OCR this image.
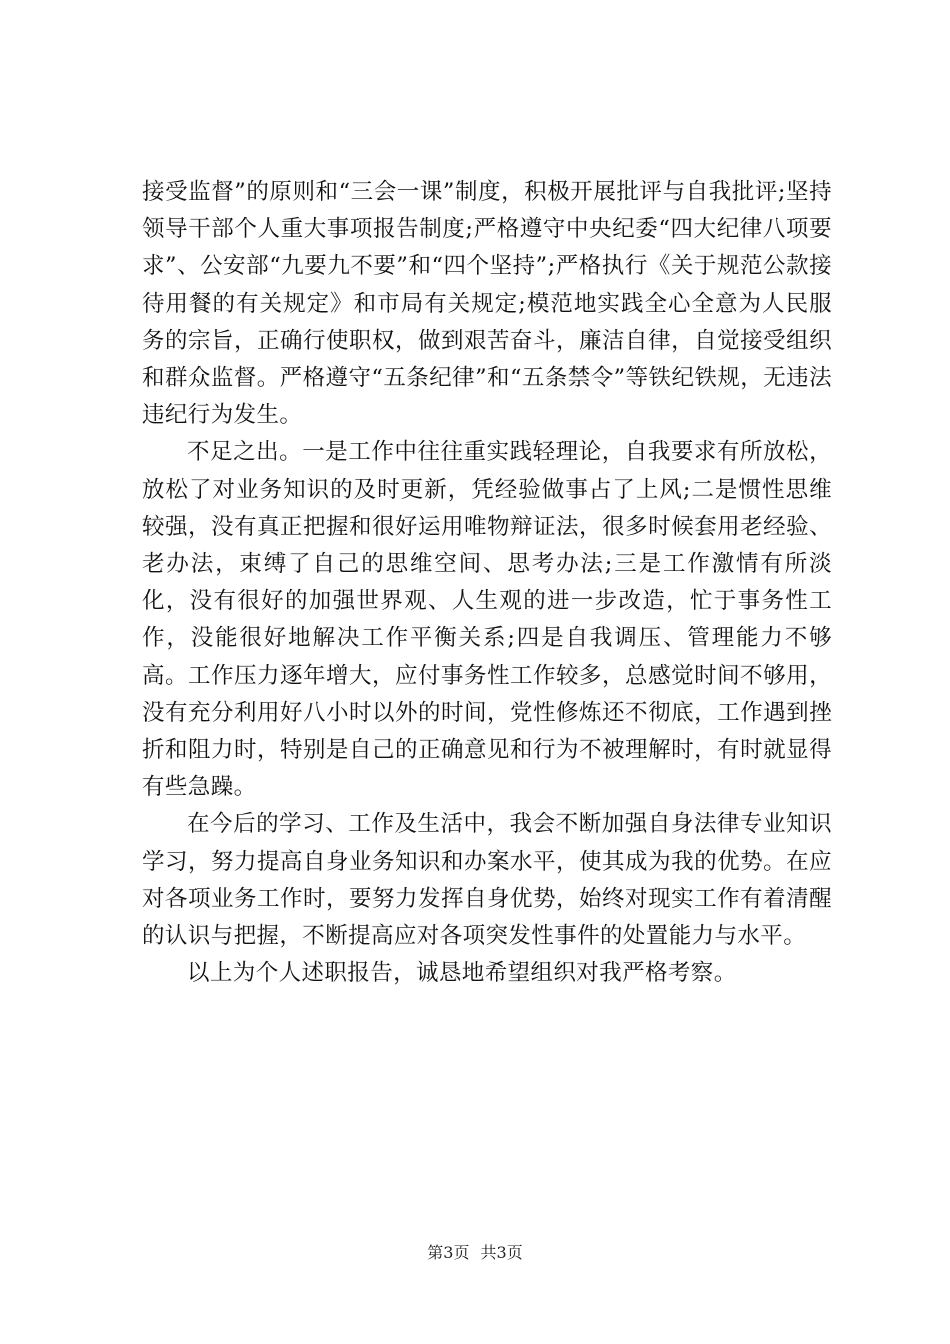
接受监督”的原则和“三会一课”制度，积极开展批评与自我批评;坚持领导干部个人重大事项报告制度;严格遵守中央纪委“四大纪律八项要求”、公安部“九要九不要”和“四个坚持”;严格执行《关于规范公款接待用餐的有关规定》和市局有关规定;模范地实践全心全意为人民服务的宗旨，正确行使职权，做到艰苦奋斗，廉洁自律，自觉接受组织和群众监督。严格遵守“五条纪律”和“五条禁令”等铁纪铁规，无违法违纪行为发生。

不足之出。一是工作中往往重实践轻理论，自我要求有所放松，放松了对业务知识的及时更新，凭经验做事占了上风;二是惯性思维较强，没有真正把握和很好运用唯物辩证法，很多时候套用老经验、老办法，束缚了自己的思维空间、思考办法;三是工作激情有所淡化，没有很好的加强世界观、人生观的进一步改造，忙于事务性工作，没能很好地解决工作平衡关系;四是自我调压、管理能力不够高。工作压力逐年增大，应付事务性工作较多，总感觉时间不够用，没有充分利用好八小时以外的时间，党性修炼还不彻底，工作遇到挫折和阻力时，特别是自己的正确意见和行为不被理解时，有时就显得有些急躁。

在今后的学习、工作及生活中，我会不断加强自身法律专业知识学习，努力提高自身业务知识和办案水平，使其成为我的优势。在应对各项业务工作时，要努力发挥自身优势，始终对现实工作有着清醒的认识与把握，不断提高应对各项突发性事件的处置能力与水平。

以上为个人述职报告，诚恳地希望组织对我严格考察。

第3页 共3页
